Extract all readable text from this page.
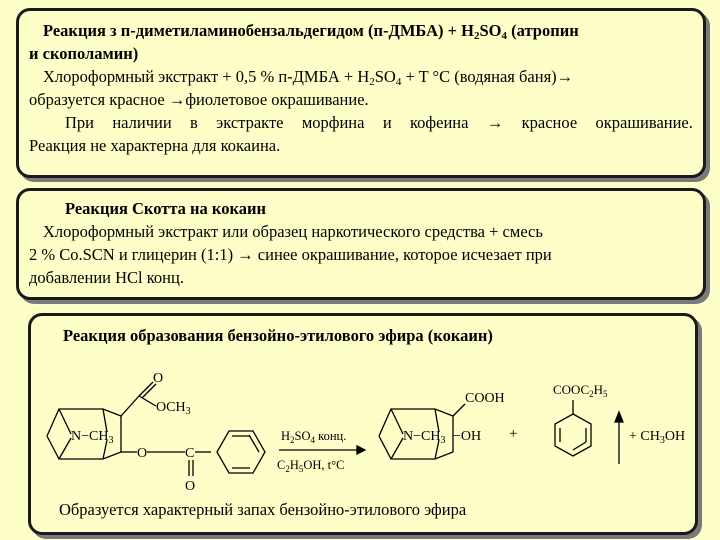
Реакция з п-диметиламинобензальдегидом (п-ДМБА) + $H_2SO_4$ (атропин
и скополамин)
Хлороформный экстракт + 0,5 % п-ДМБА + $H_2SO_4 + T$ °C (водяная баня)→
образуется красное →фиолетовое окрашивание.
При наличии в экстракте морфина и кофеина → красное окрашивание.
Реакция не характерна для кокаина.
Реакция Скотта на кокаин
Хлороформный экстракт или образец наркотического средства + смесь
2 % Co.SCN и глицерин (1:1) → синее окрашивание, которое исчезает при
добавлении HCl конц.
Реакция образования бензойно-этилового эфира (кокаин)
O
$OCH_3$
$N-CH_3$
O	C
O
$H_2SO_4$ конц.
$C_2H_5OH$, t°C
COOH
$N-CH_3 -OH$ +
$COOC_2H_5$
+ $CH_3OH$
Образуется характерный запах бензойно-этилового эфира
